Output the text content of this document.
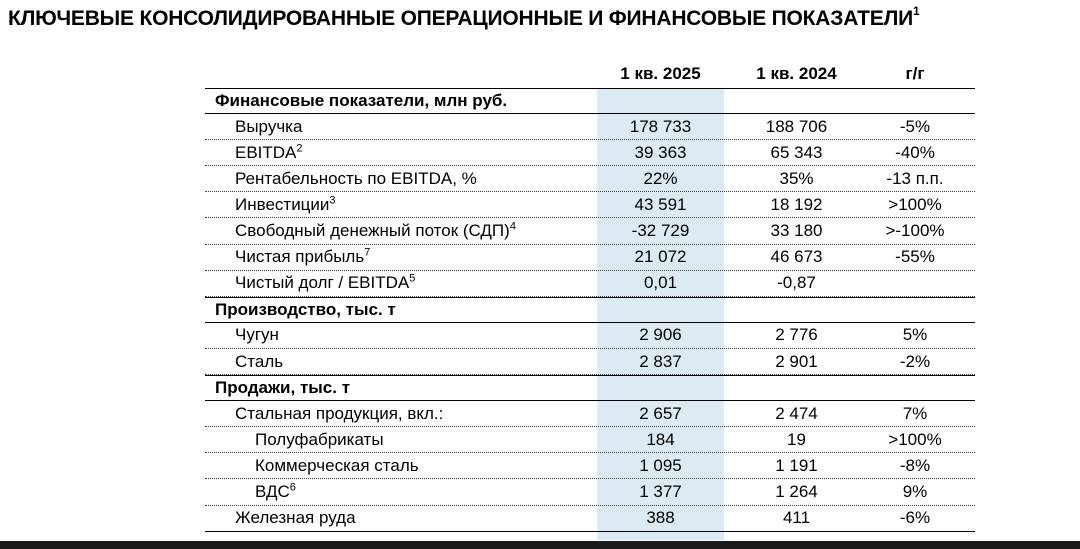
КЛЮЧЕВЫЕ КОНСОЛИДИРОВАННЫЕ ОПЕРАЦИОННЫЕ И ФИНАНСОВЫЕ ПОКАЗАТЕЛИ$^1$
1 кв. 2025	1 кв. 2024	г/г
Финансовые показатели, млн руб.
Выручка	178 733	188 706	-5%
EBITDA$^2$	39 363	65 343	-40%
Рентабельность по EBITDA, %	22%	35%	-13 п.п.
Инвестиции$^3$	43 591	18 192	>100%
Свободный денежный поток (СДП)$^4$	-32 729	33 180	>-100%
Чистая прибыль$^7$	21 072	46 673	-55%
Чистый долг / EBITDA$^5$	0,01	-0,87
Производство, тыс. т
Чугун	2 906	2 776	5%
Сталь	2 837	2 901	-2%
Продажи, тыс. т
Стальная продукция, вкл.:	2 657	2 474	7%
Полуфабрикаты	184	19	>100%
Коммерческая сталь	1 095	1 191	-8%
ВДС$^6$	1 377	1 264	9%
Железная руда	388	411	-6%
